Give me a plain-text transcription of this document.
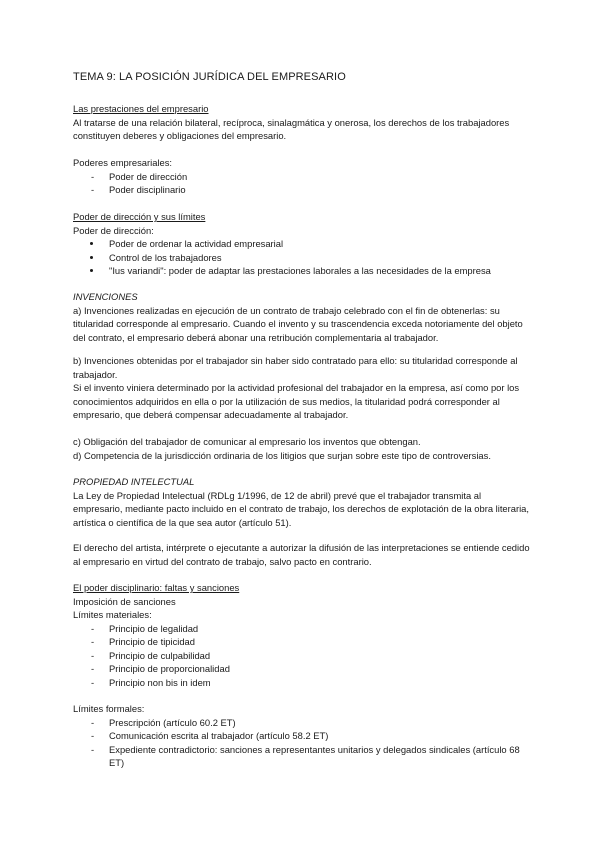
TEMA 9: LA POSICIÓN JURÍDICA DEL EMPRESARIO

Las prestaciones del empresario

Al tratarse de una relación bilateral, recíproca, sinalagmática y onerosa, los derechos de los trabajadores constituyen deberes y obligaciones del empresario.

Poderes empresariales:

- Poder de dirección
- Poder disciplinario

Poder de dirección y sus límites

Poder de dirección:

Poder de ordenar la actividad empresarial
Control de los trabajadores
"Ius variandi": poder de adaptar las prestaciones laborales a las necesidades de la empresa

INVENCIONES

a) Invenciones realizadas en ejecución de un contrato de trabajo celebrado con el fin de obtenerlas: su titularidad corresponde al empresario. Cuando el invento y su trascendencia exceda notoriamente del objeto del contrato, el empresario deberá abonar una retribución complementaria al trabajador.

b) Invenciones obtenidas por el trabajador sin haber sido contratado para ello: su titularidad corresponde al trabajador.

Si el invento viniera determinado por la actividad profesional del trabajador en la empresa, así como por los conocimientos adquiridos en ella o por la utilización de sus medios, la titularidad podrá corresponder al empresario, que deberá compensar adecuadamente al trabajador.

c) Obligación del trabajador de comunicar al empresario los inventos que obtengan.

d) Competencia de la jurisdicción ordinaria de los litigios que surjan sobre este tipo de controversias.

PROPIEDAD INTELECTUAL

La Ley de Propiedad Intelectual (RDLg 1/1996, de 12 de abril) prevé que el trabajador transmita al empresario, mediante pacto incluido en el contrato de trabajo, los derechos de explotación de la obra literaria, artística o científica de la que sea autor (artículo 51).

El derecho del artista, intérprete o ejecutante a autorizar la difusión de las interpretaciones se entiende cedido al empresario en virtud del contrato de trabajo, salvo pacto en contrario.

El poder disciplinario: faltas y sanciones

Imposición de sanciones

Límites materiales:

- Principio de legalidad
- Principio de tipicidad
- Principio de culpabilidad
- Principio de proporcionalidad
- Principio non bis in idem

Límites formales:

- Prescripción (artículo 60.2 ET)
- Comunicación escrita al trabajador (artículo 58.2 ET)
- Expediente contradictorio: sanciones a representantes unitarios y delegados sindicales (artículo 68 ET)
